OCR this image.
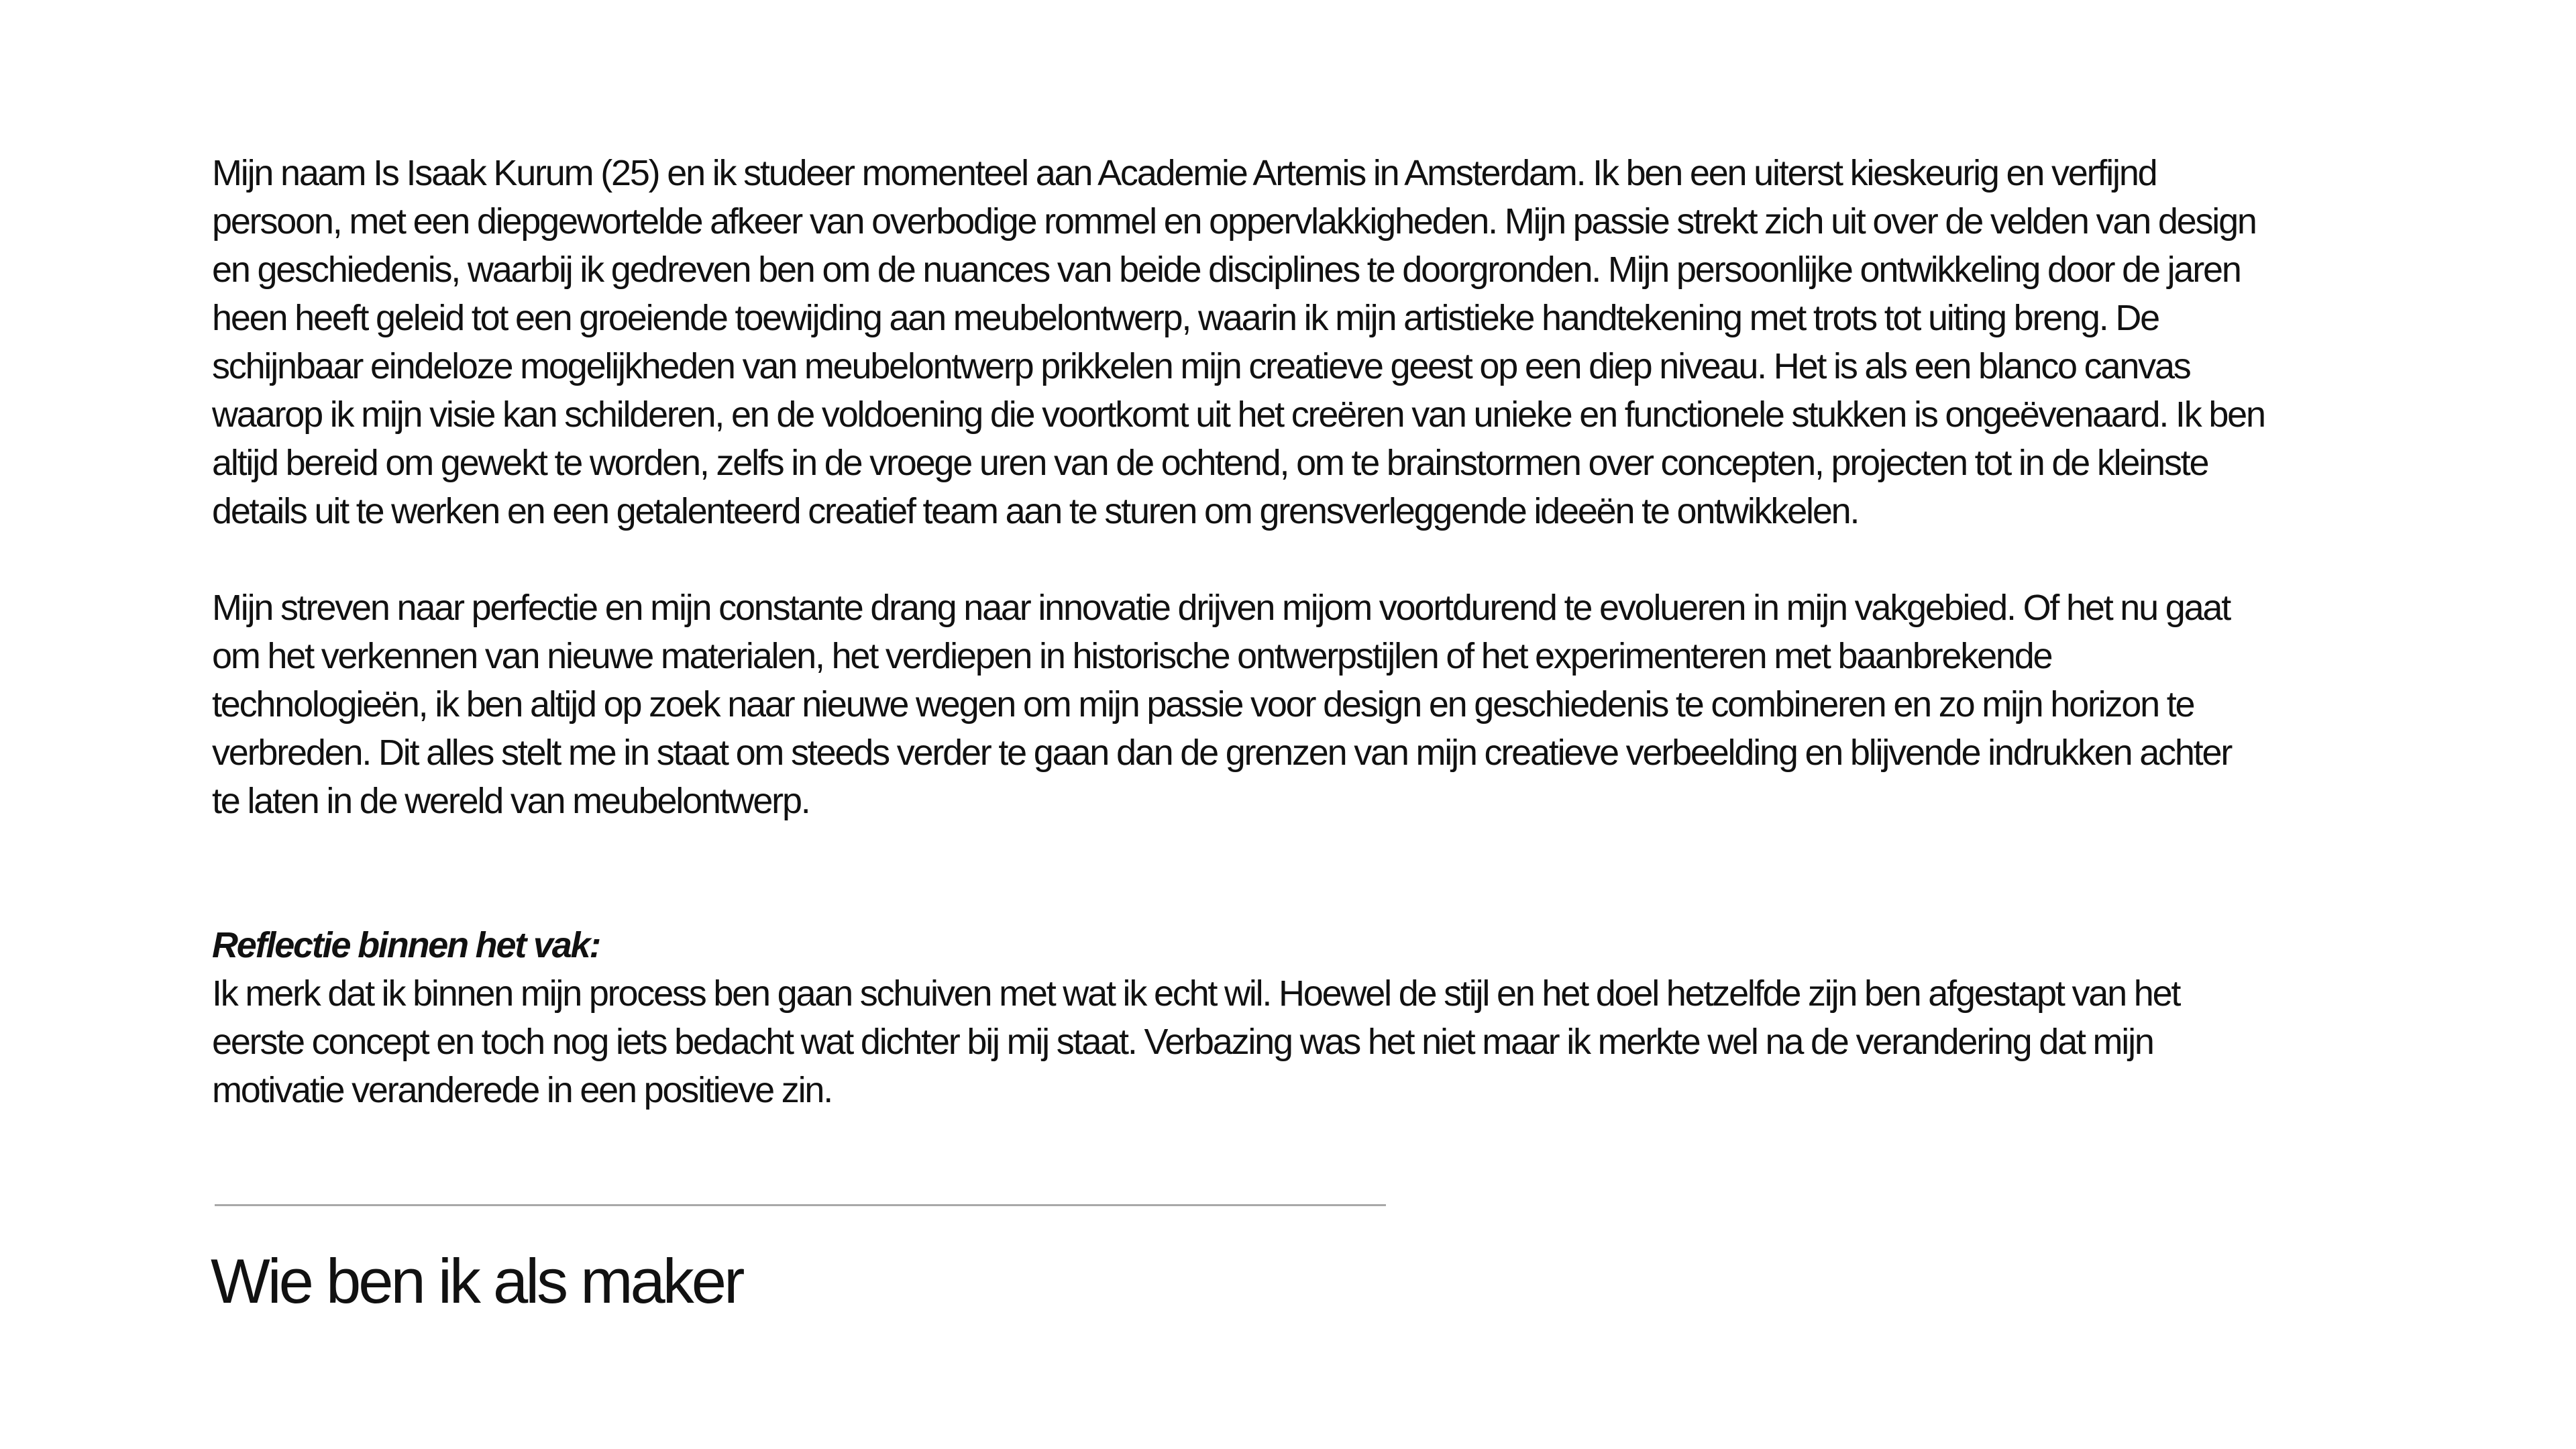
Mijn naam Is Isaak Kurum (25) en ik studeer momenteel aan Academie Artemis in Amsterdam. Ik ben een uiterst kieskeurig en verfijnd persoon, met een diepgewortelde afkeer van overbodige rommel en oppervlakkigheden. Mijn passie strekt zich uit over de velden van design en geschiedenis, waarbij ik gedreven ben om de nuances van beide disciplines te doorgronden. Mijn persoonlijke ontwikkeling door de jaren heen heeft geleid tot een groeiende toewijding aan meubelontwerp, waarin ik mijn artistieke handtekening met trots tot uiting breng. De schijnbaar eindeloze mogelijkheden van meubelontwerp prikkelen mijn creatieve geest op een diep niveau. Het is als een blanco canvas waarop ik mijn visie kan schilderen, en de voldoening die voortkomt uit het creëren van unieke en functionele stukken is ongeëvenaard. Ik ben altijd bereid om gewekt te worden, zelfs in de vroege uren van de ochtend, om te brainstormen over concepten, projecten tot in de kleinste details uit te werken en een getalenteerd creatief team aan te sturen om grensverleggende ideeën te ontwikkelen.

Mijn streven naar perfectie en mijn constante drang naar innovatie drijven mijom voortdurend te evolueren in mijn vakgebied. Of het nu gaat om het verkennen van nieuwe materialen, het verdiepen in historische ontwerpstijlen of het experimenteren met baanbrekende technologieën, ik ben altijd op zoek naar nieuwe wegen om mijn passie voor design en geschiedenis te combineren en zo mijn horizon te verbreden. Dit alles stelt me in staat om steeds verder te gaan dan de grenzen van mijn creatieve verbeelding en blijvende indrukken achter te laten in de wereld van meubelontwerp.

Reflectie binnen het vak:

Ik merk dat ik binnen mijn process ben gaan schuiven met wat ik echt wil. Hoewel de stijl en het doel hetzelfde zijn ben afgestapt van het eerste concept en toch nog iets bedacht wat dichter bij mij staat. Verbazing was het niet maar ik merkte wel na de verandering dat mijn motivatie veranderede in een positieve zin.

Wie ben ik als maker
